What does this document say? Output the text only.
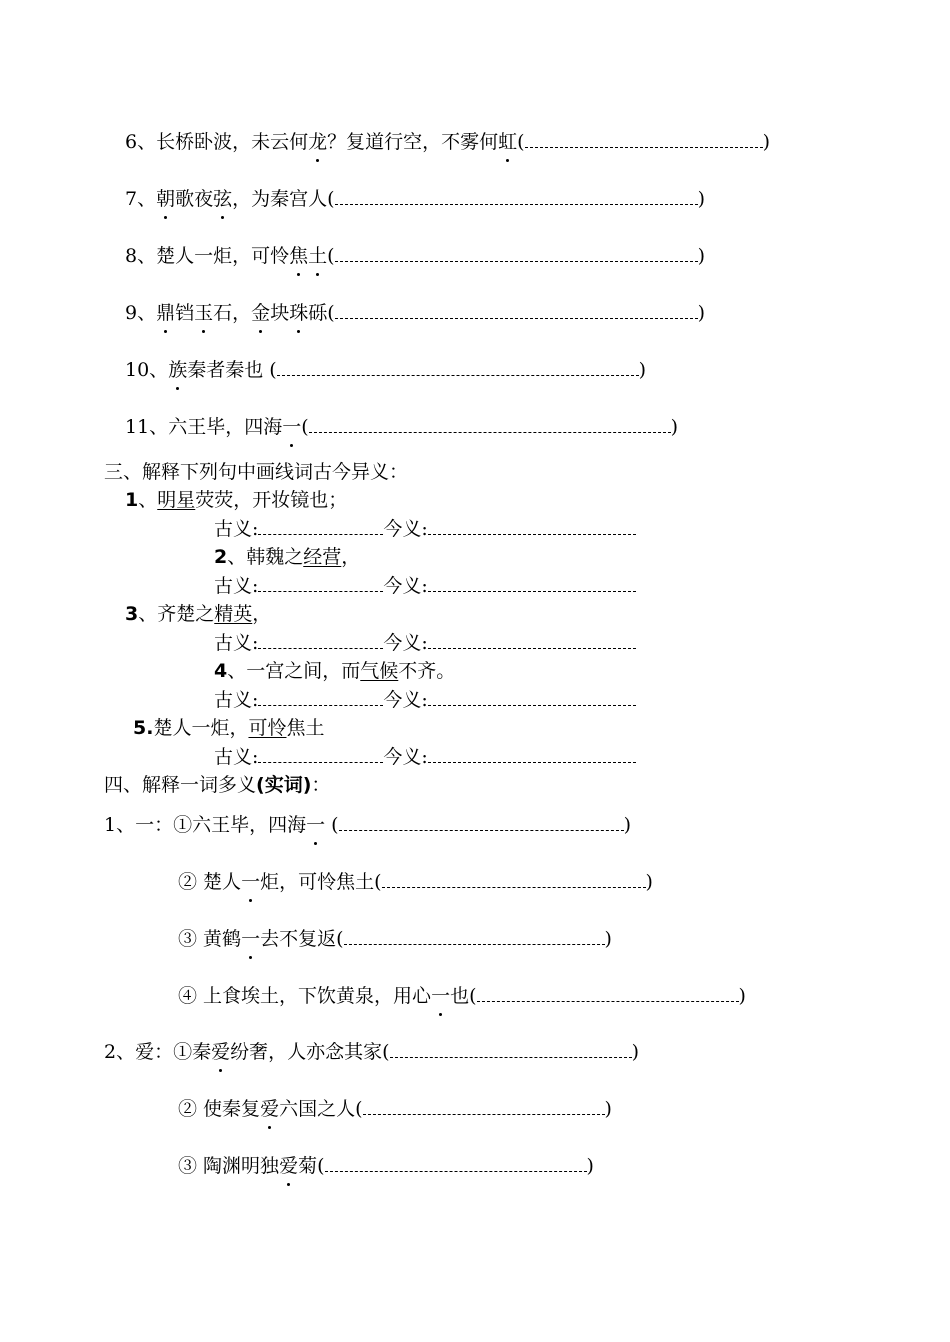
6、长桥卧波，未云何龙？复道行空，不雾何虹(	)
7、朝歌夜弦，为秦宫人(	)
8、楚人一炬，可怜焦土(	)
9、鼎铛玉石，金块珠砾(	)
10、族秦者秦也 (	)
11、六王毕，四海一(	)
三、解释下列句中画线词古今异义：
1、明星荧荧，开妆镜也；
古义:	今义:
2、韩魏之经营，
古义:	今义:
3、齐楚之精英，
古义:	今义:
4、一宫之间，而气候不齐。
古义:	今义:
5.楚人一炬，可怜焦土
古义:	今义:
四、解释一词多义(实词)：
1、一：①六王毕，四海一 (	)
② 楚人一炬，可怜焦土(	)
③ 黄鹤一去不复返(	)
④ 上食埃土，下饮黄泉，用心一也(	)
2、爱：①秦爱纷奢，人亦念其家(	)
② 使秦复爱六国之人(	)
③ 陶渊明独爱菊(	)
